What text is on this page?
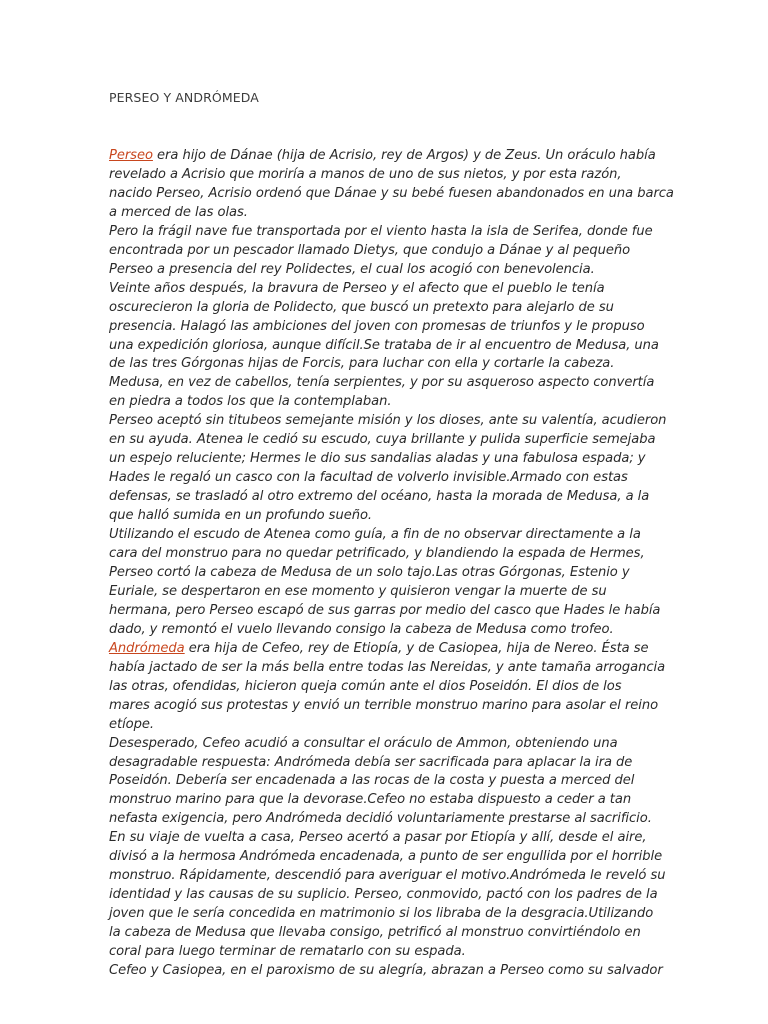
PERSEO Y ANDRÓMEDA
Perseo era hijo de Dánae (hija de Acrisio, rey de Argos) y de Zeus. Un oráculo había
revelado a Acrisio que moriría a manos de uno de sus nietos, y por esta razón,
nacido Perseo, Acrisio ordenó que Dánae y su bebé fuesen abandonados en una barca
a merced de las olas.
Pero la frágil nave fue transportada por el viento hasta la isla de Serifea, donde fue
encontrada por un pescador llamado Dietys, que condujo a Dánae y al pequeño
Perseo a presencia del rey Polidectes, el cual los acogió con benevolencia.
Veinte años después, la bravura de Perseo y el afecto que el pueblo le tenía
oscurecieron la gloria de Polidecto, que buscó un pretexto para alejarlo de su
presencia. Halagó las ambiciones del joven con promesas de triunfos y le propuso
una expedición gloriosa, aunque difícil.Se trataba de ir al encuentro de Medusa, una
de las tres Górgonas hijas de Forcis, para luchar con ella y cortarle la cabeza.
Medusa, en vez de cabellos, tenía serpientes, y por su asqueroso aspecto convertía
en piedra a todos los que la contemplaban.
Perseo aceptó sin titubeos semejante misión y los dioses, ante su valentía, acudieron
en su ayuda. Atenea le cedió su escudo, cuya brillante y pulida superficie semejaba
un espejo reluciente; Hermes le dio sus sandalias aladas y una fabulosa espada; y
Hades le regaló un casco con la facultad de volverlo invisible.Armado con estas
defensas, se trasladó al otro extremo del océano, hasta la morada de Medusa, a la
que halló sumida en un profundo sueño.
Utilizando el escudo de Atenea como guía, a fin de no observar directamente a la
cara del monstruo para no quedar petrificado, y blandiendo la espada de Hermes,
Perseo cortó la cabeza de Medusa de un solo tajo.Las otras Górgonas, Estenio y
Euriale, se despertaron en ese momento y quisieron vengar la muerte de su
hermana, pero Perseo escapó de sus garras por medio del casco que Hades le había
dado, y remontó el vuelo llevando consigo la cabeza de Medusa como trofeo.
Andrómeda era hija de Cefeo, rey de Etiopía, y de Casiopea, hija de Nereo. Ésta se
había jactado de ser la más bella entre todas las Nereidas, y ante tamaña arrogancia
las otras, ofendidas, hicieron queja común ante el dios Poseidón. El dios de los
mares acogió sus protestas y envió un terrible monstruo marino para asolar el reino
etíope.
Desesperado, Cefeo acudió a consultar el oráculo de Ammon, obteniendo una
desagradable respuesta: Andrómeda debía ser sacrificada para aplacar la ira de
Poseidón. Debería ser encadenada a las rocas de la costa y puesta a merced del
monstruo marino para que la devorase.Cefeo no estaba dispuesto a ceder a tan
nefasta exigencia, pero Andrómeda decidió voluntariamente prestarse al sacrificio.
En su viaje de vuelta a casa, Perseo acertó a pasar por Etiopía y allí, desde el aire,
divisó a la hermosa Andrómeda encadenada, a punto de ser engullida por el horrible
monstruo. Rápidamente, descendió para averiguar el motivo.Andrómeda le reveló su
identidad y las causas de su suplicio. Perseo, conmovido, pactó con los padres de la
joven que le sería concedida en matrimonio si los libraba de la desgracia.Utilizando
la cabeza de Medusa que llevaba consigo, petrificó al monstruo convirtiéndolo en
coral para luego terminar de rematarlo con su espada.
Cefeo y Casiopea, en el paroxismo de su alegría, abrazan a Perseo como su salvador
